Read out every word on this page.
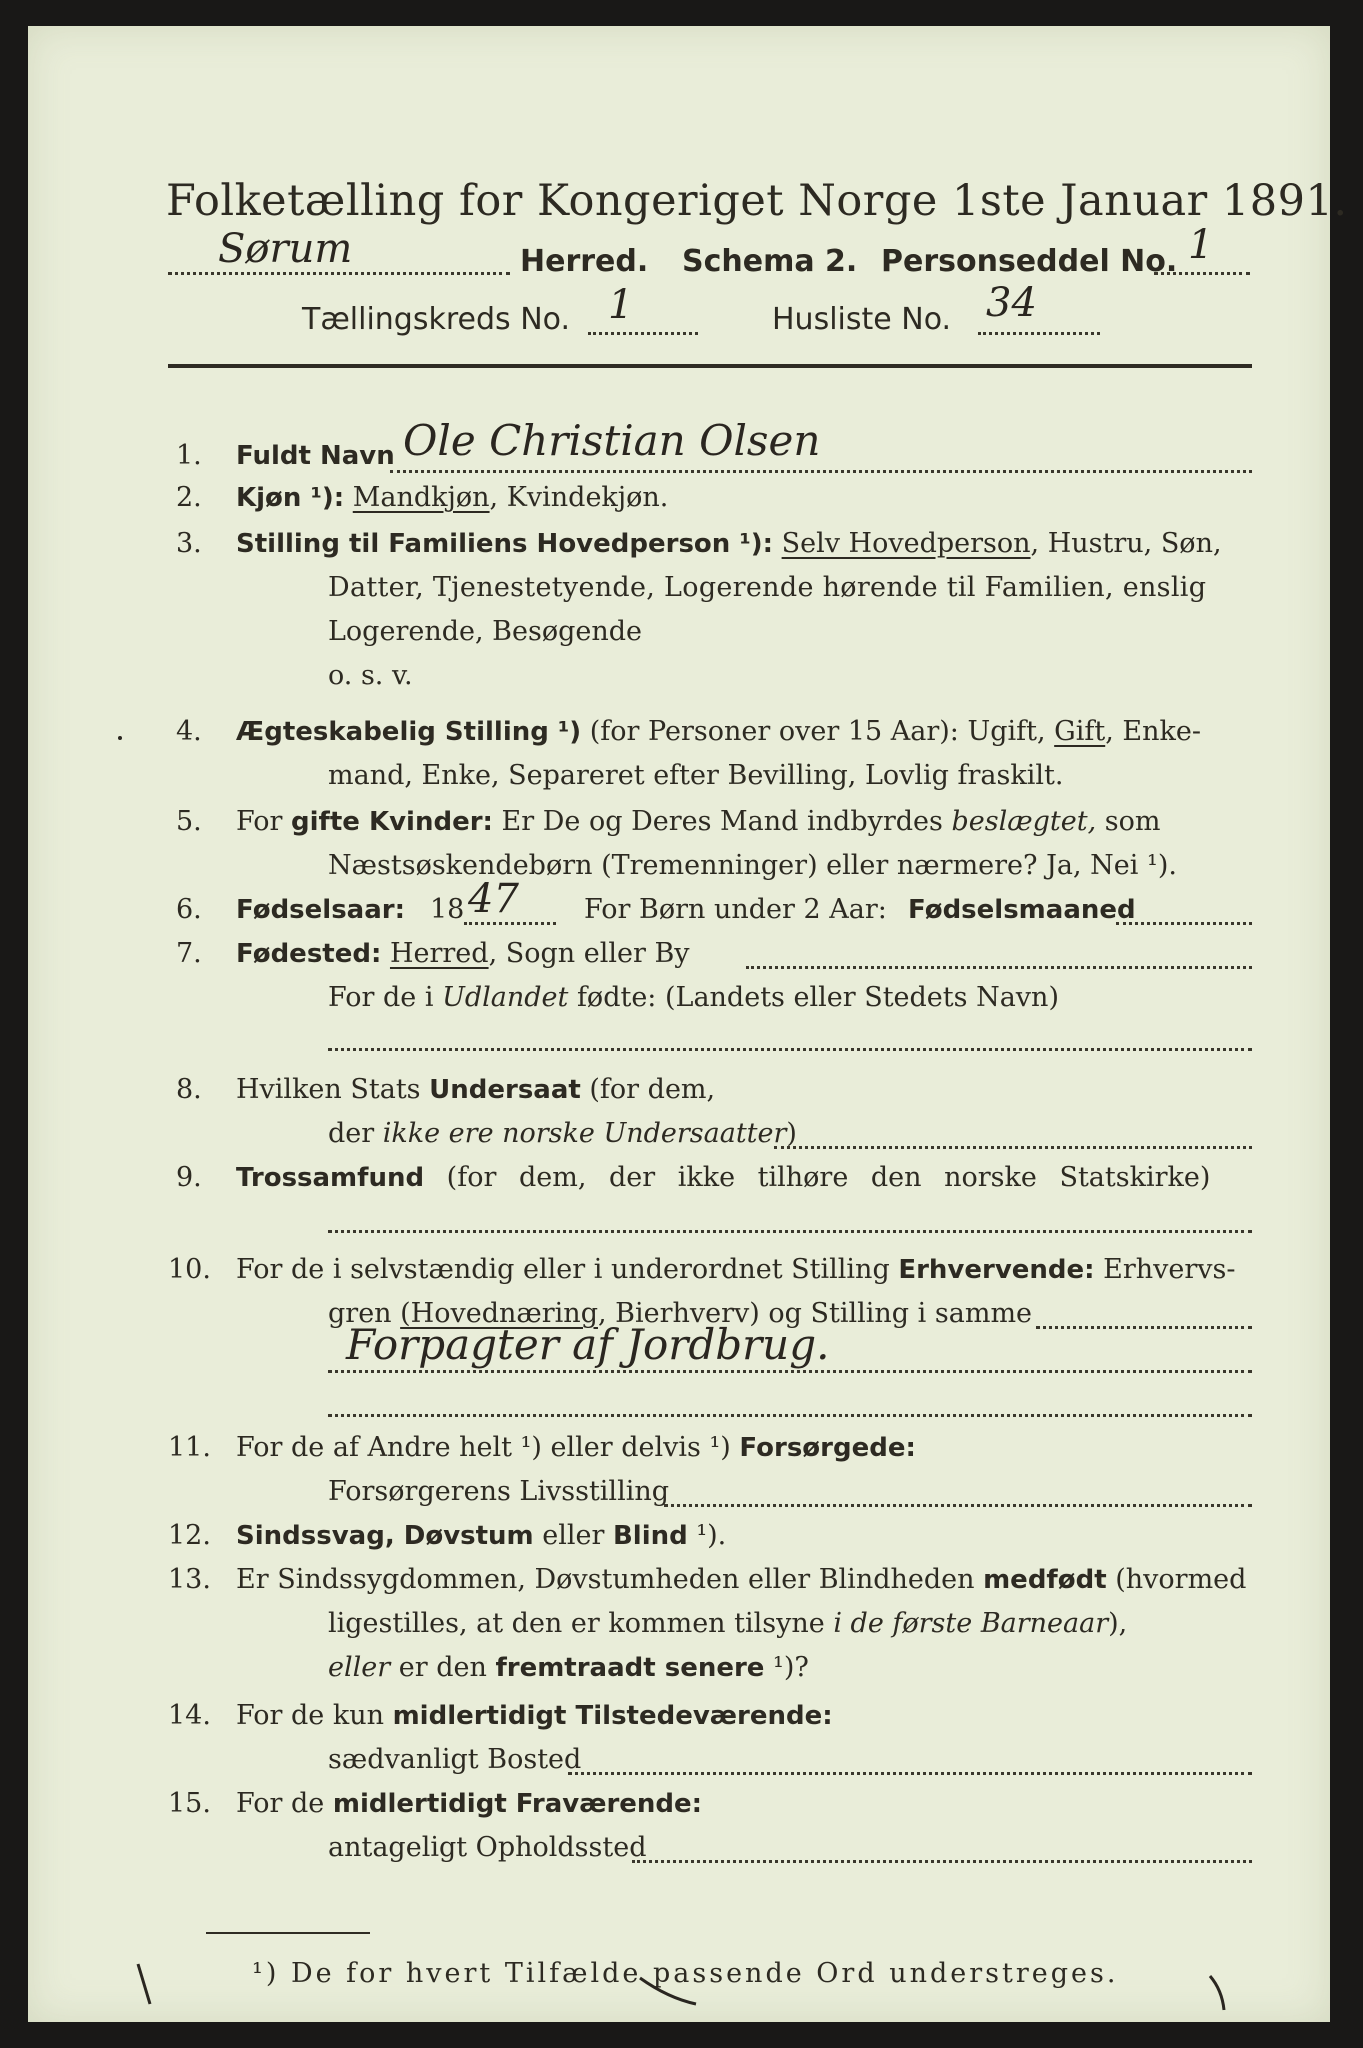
Folketælling for Kongeriget Norge 1ste Januar 1891.
Sørum	Herred. Schema 2. Personseddel No. 1
Tællingskreds No. 1	Husliste No. 34
1. Fuldt Navn Ole Christian Olsen
2. Kjøn ¹): Mandkjøn, Kvindekjøn.
3. Stilling til Familiens Hovedperson ¹): Selv Hovedperson, Hustru, Søn,
Datter, Tjenestetyende, Logerende hørende til Familien, enslig
Logerende, Besøgende
o. s. v.
4. Ægteskabelig Stilling ¹) (for Personer over 15 Aar): Ugift, Gift, Enke-
mand, Enke, Separeret efter Bevilling, Lovlig fraskilt.
5. For gifte Kvinder: Er De og Deres Mand indbyrdes beslægtet, som
Næstsøskendebørn (Tremenninger) eller nærmere? Ja, Nei ¹).
6. Fødselsaar: 18 47 For Børn under 2 Aar: Fødselsmaaned
7. Fødested: Herred, Sogn eller By
For de i Udlandet fødte: (Landets eller Stedets Navn)
8. Hvilken Stats Undersaat (for dem,
der ikke ere norske Undersaatter)
9. Trossamfund (for dem, der ikke tilhøre den norske Statskirke)
10. For de i selvstændig eller i underordnet Stilling Erhvervende: Erhvervs-
gren (Hovednæring, Bierhverv) og Stilling i samme
Forpagter af Jordbrug.
11. For de af Andre helt ¹) eller delvis ¹) Forsørgede:
Forsørgerens Livsstilling
12. Sindssvag, Døvstum eller Blind ¹).
13. Er Sindssygdommen, Døvstumheden eller Blindheden medfødt (hvormed
ligestilles, at den er kommen tilsyne i de første Barneaar),
eller er den fremtraadt senere ¹)?
14. For de kun midlertidigt Tilstedeværende:
sædvanligt Bosted
15. For de midlertidigt Fraværende:
antageligt Opholdssted
¹) De for hvert Tilfælde passende Ord understreges.
